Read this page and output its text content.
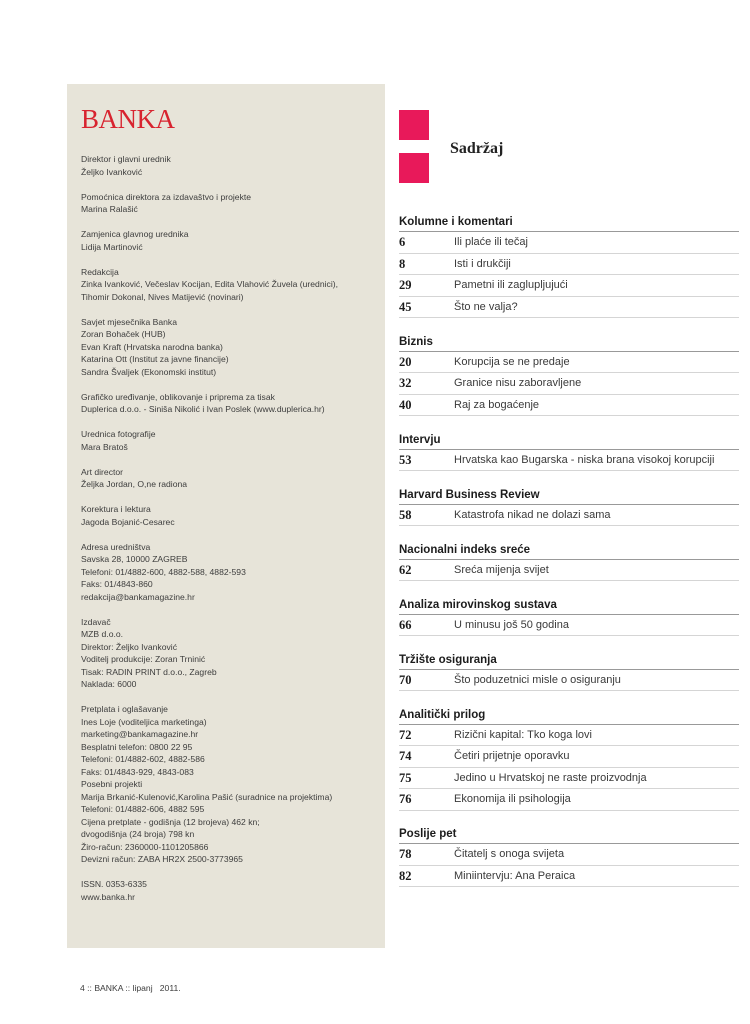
BANKA
Direktor i glavni urednik
Željko Ivanković
Pomoćnica direktora za izdavaštvo i projekte
Marina Ralašić
Zamjenica glavnog urednika
Lidija Martinović
Redakcija
Zinka Ivanković, Večeslav Kocijan, Edita Vlahović Žuvela (urednici),
Tihomir Dokonal, Nives Matijević (novinari)
Savjet mjesečnika Banka
Zoran Bohaček (HUB)
Evan Kraft (Hrvatska narodna banka)
Katarina Ott (Institut za javne financije)
Sandra Švaljek (Ekonomski institut)
Grafičko uređivanje, oblikovanje i priprema za tisak
Duplerica d.o.o. - Siniša Nikolić i Ivan Poslek (www.duplerica.hr)
Urednica fotografije
Mara Bratoš
Art director
Željka Jordan, O,ne radiona
Korektura i lektura
Jagoda Bojanić-Cesarec
Adresa uredništva
Savska 28, 10000 ZAGREB
Telefoni: 01/4882-600, 4882-588, 4882-593
Faks: 01/4843-860
redakcija@bankamagazine.hr
Izdavač
MZB d.o.o.
Direktor: Željko Ivanković
Voditelj produkcije: Zoran Trninić
Tisak: RADIN PRINT d.o.o., Zagreb
Naklada: 6000
Pretplata i oglašavanje
Ines Loje (voditeljica marketinga)
marketing@bankamagazine.hr
Besplatni telefon: 0800 22 95
Telefoni: 01/4882-602, 4882-586
Faks: 01/4843-929, 4843-083
Posebni projekti
Marija Brkanić-Kulenović,Karolina Pašić (suradnice na projektima)
Telefoni: 01/4882-606, 4882 595
Cijena pretplate - godišnja (12 brojeva) 462 kn;
dvogodišnja (24 broja) 798 kn
Žiro-račun: 2360000-1101205866
Devizni račun: ZABA HR2X 2500-3773965
ISSN. 0353-6335
www.banka.hr
4 :: BANKA :: lipanj   2011.
Sadržaj
Kolumne i komentari
6	Ili plaće ili tečaj
8	Isti i drukčiji
29	Pametni ili zaglupljujući
45	Što ne valja?
Biznis
20	Korupcija se ne predaje
32	Granice nisu zaboravljene
40	Raj za bogaćenje
Intervju
53	Hrvatska kao Bugarska - niska brana visokoj korupciji
Harvard Business Review
58	Katastrofa nikad ne dolazi sama
Nacionalni indeks sreće
62	Sreća mijenja svijet
Analiza mirovinskog sustava
66	U minusu još 50 godina
Tržište osiguranja
70	Što poduzetnici misle o osiguranju
Analitički prilog
72	Rizični kapital: Tko koga lovi
74	Četiri prijetnje oporavku
75	Jedino u Hrvatskoj ne raste proizvodnja
76	Ekonomija ili psihologija
Poslije pet
78	Čitatelj s onoga svijeta
82	Miniintervju: Ana Peraica
